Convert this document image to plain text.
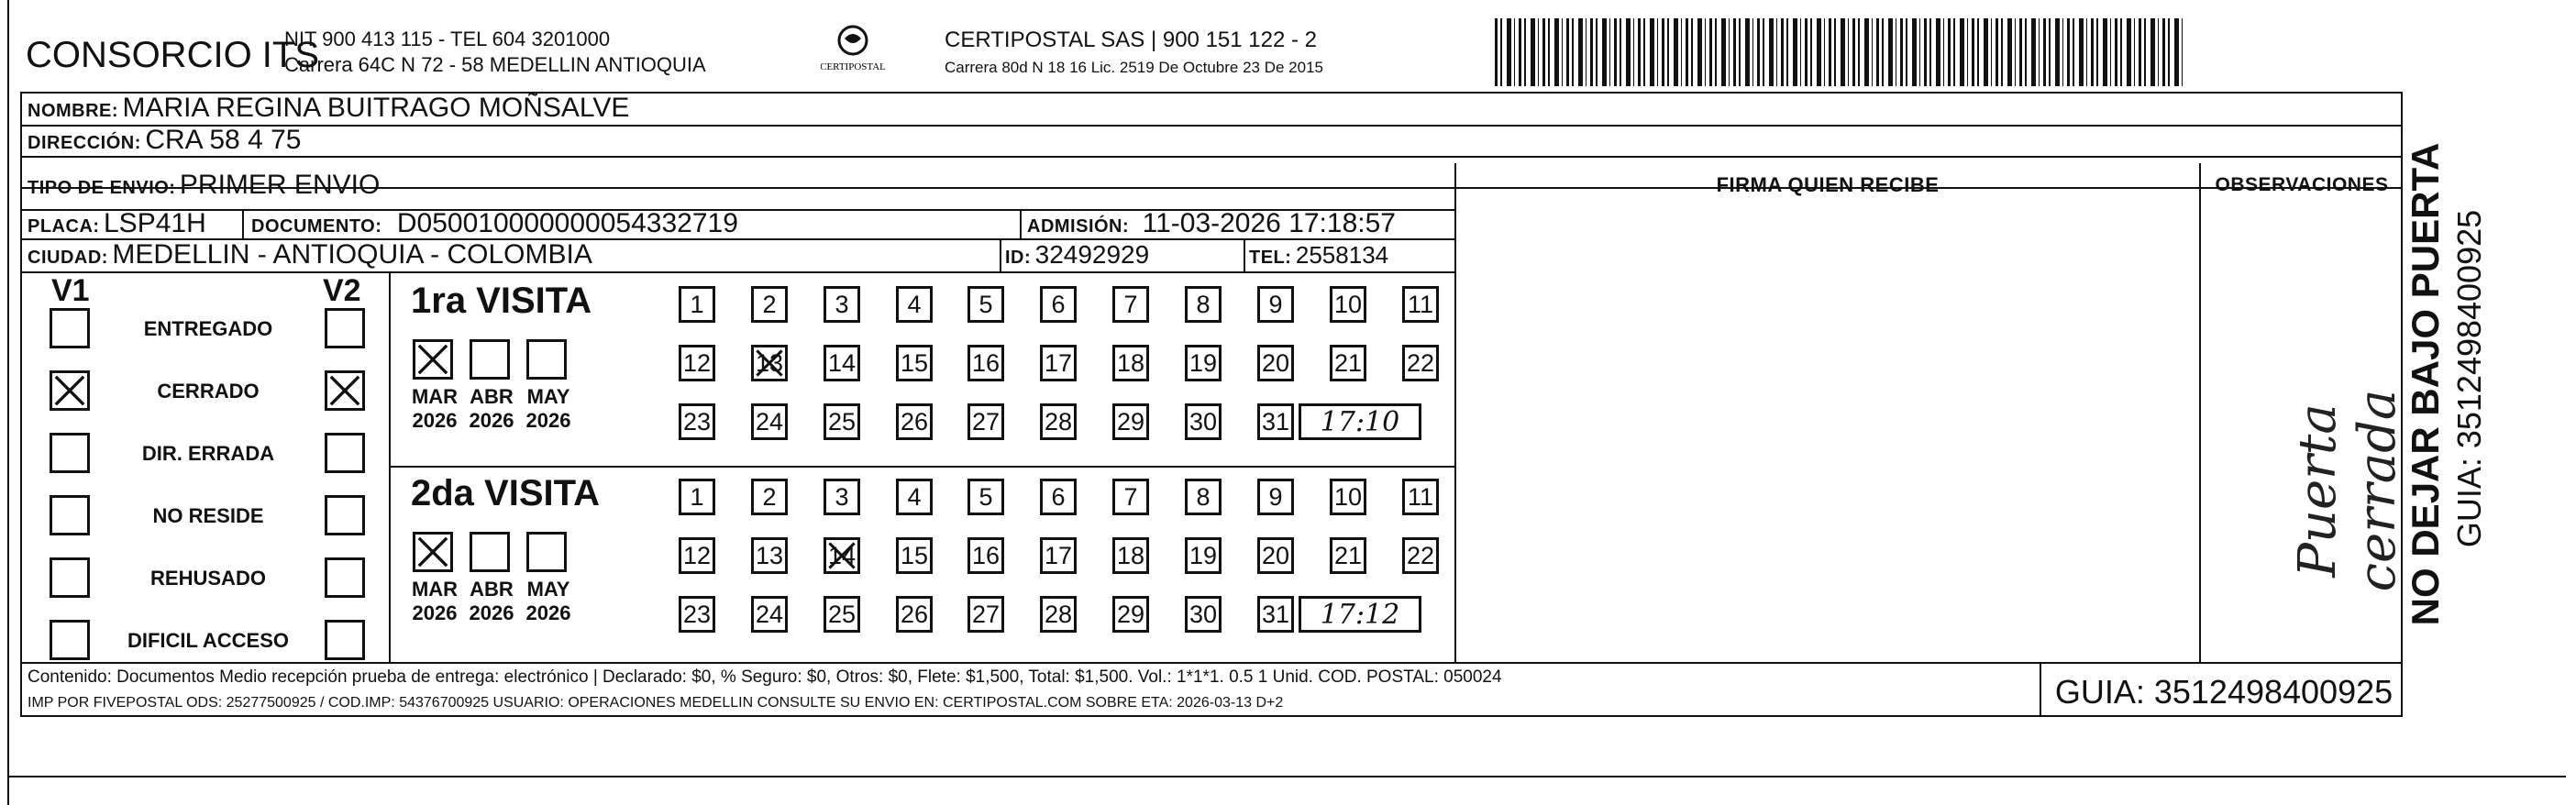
CONSORCIO ITS
NIT 900 413 115 - TEL 604 3201000
Carrera 64C N 72 - 58 MEDELLIN ANTIOQUIA	CERTIPOSTAL
CERTIPOSTAL SAS | 900 151 122 - 2
Carrera 80d N 18 16 Lic. 2519 De Octubre 23 De 2015
NOMBRE: MARIA REGINA BUITRAGO MOÑSALVE
DIRECCIÓN: CRA 58 4 75
TIPO DE ENVIO: PRIMER ENVIO
PLACA: LSP41H DOCUMENTO: D050010000000054332719	ADMISIÓN: 11-03-2026 17:18:57
CIUDAD: MEDELLIN - ANTIOQUIA - COLOMBIA	ID: 32492929	TEL: 2558134
FIRMA QUIEN RECIBE	OBSERVACIONES
Puerta cerrada
NO DEJAR BAJO PUERTA GUIA: 3512498400925
V1	V2
ENTREGADO
CERRADO
DIR. ERRADA
NO RESIDE
REHUSADO
DIFICIL ACCESO
1ra VISITA
2da VISITA
MAR
2026
ABR
2026
MAY
2026
1 2 3 4 5 6 7 8 9 10 11
12 13 14 15 16 17 18 19 20 21 22
23 24 25 26 27 28 29 30 31 17:10
MAR
2026
ABR
2026
MAY
2026
1 2 3 4 5 6 7 8 9 10 11
12 13 14 15 16 17 18 19 20 21 22
23 24 25 26 27 28 29 30 31 17:12
Contenido: Documentos Medio recepción prueba de entrega: electrónico | Declarado: $0, % Seguro: $0, Otros: $0, Flete: $1,500, Total: $1,500. Vol.: 1*1*1. 0.5 1 Unid. COD. POSTAL: 050024
IMP POR FIVEPOSTAL ODS: 25277500925 / COD.IMP: 54376700925 USUARIO: OPERACIONES MEDELLIN CONSULTE SU ENVIO EN: CERTIPOSTAL.COM SOBRE ETA: 2026-03-13 D+2	GUIA: 3512498400925
